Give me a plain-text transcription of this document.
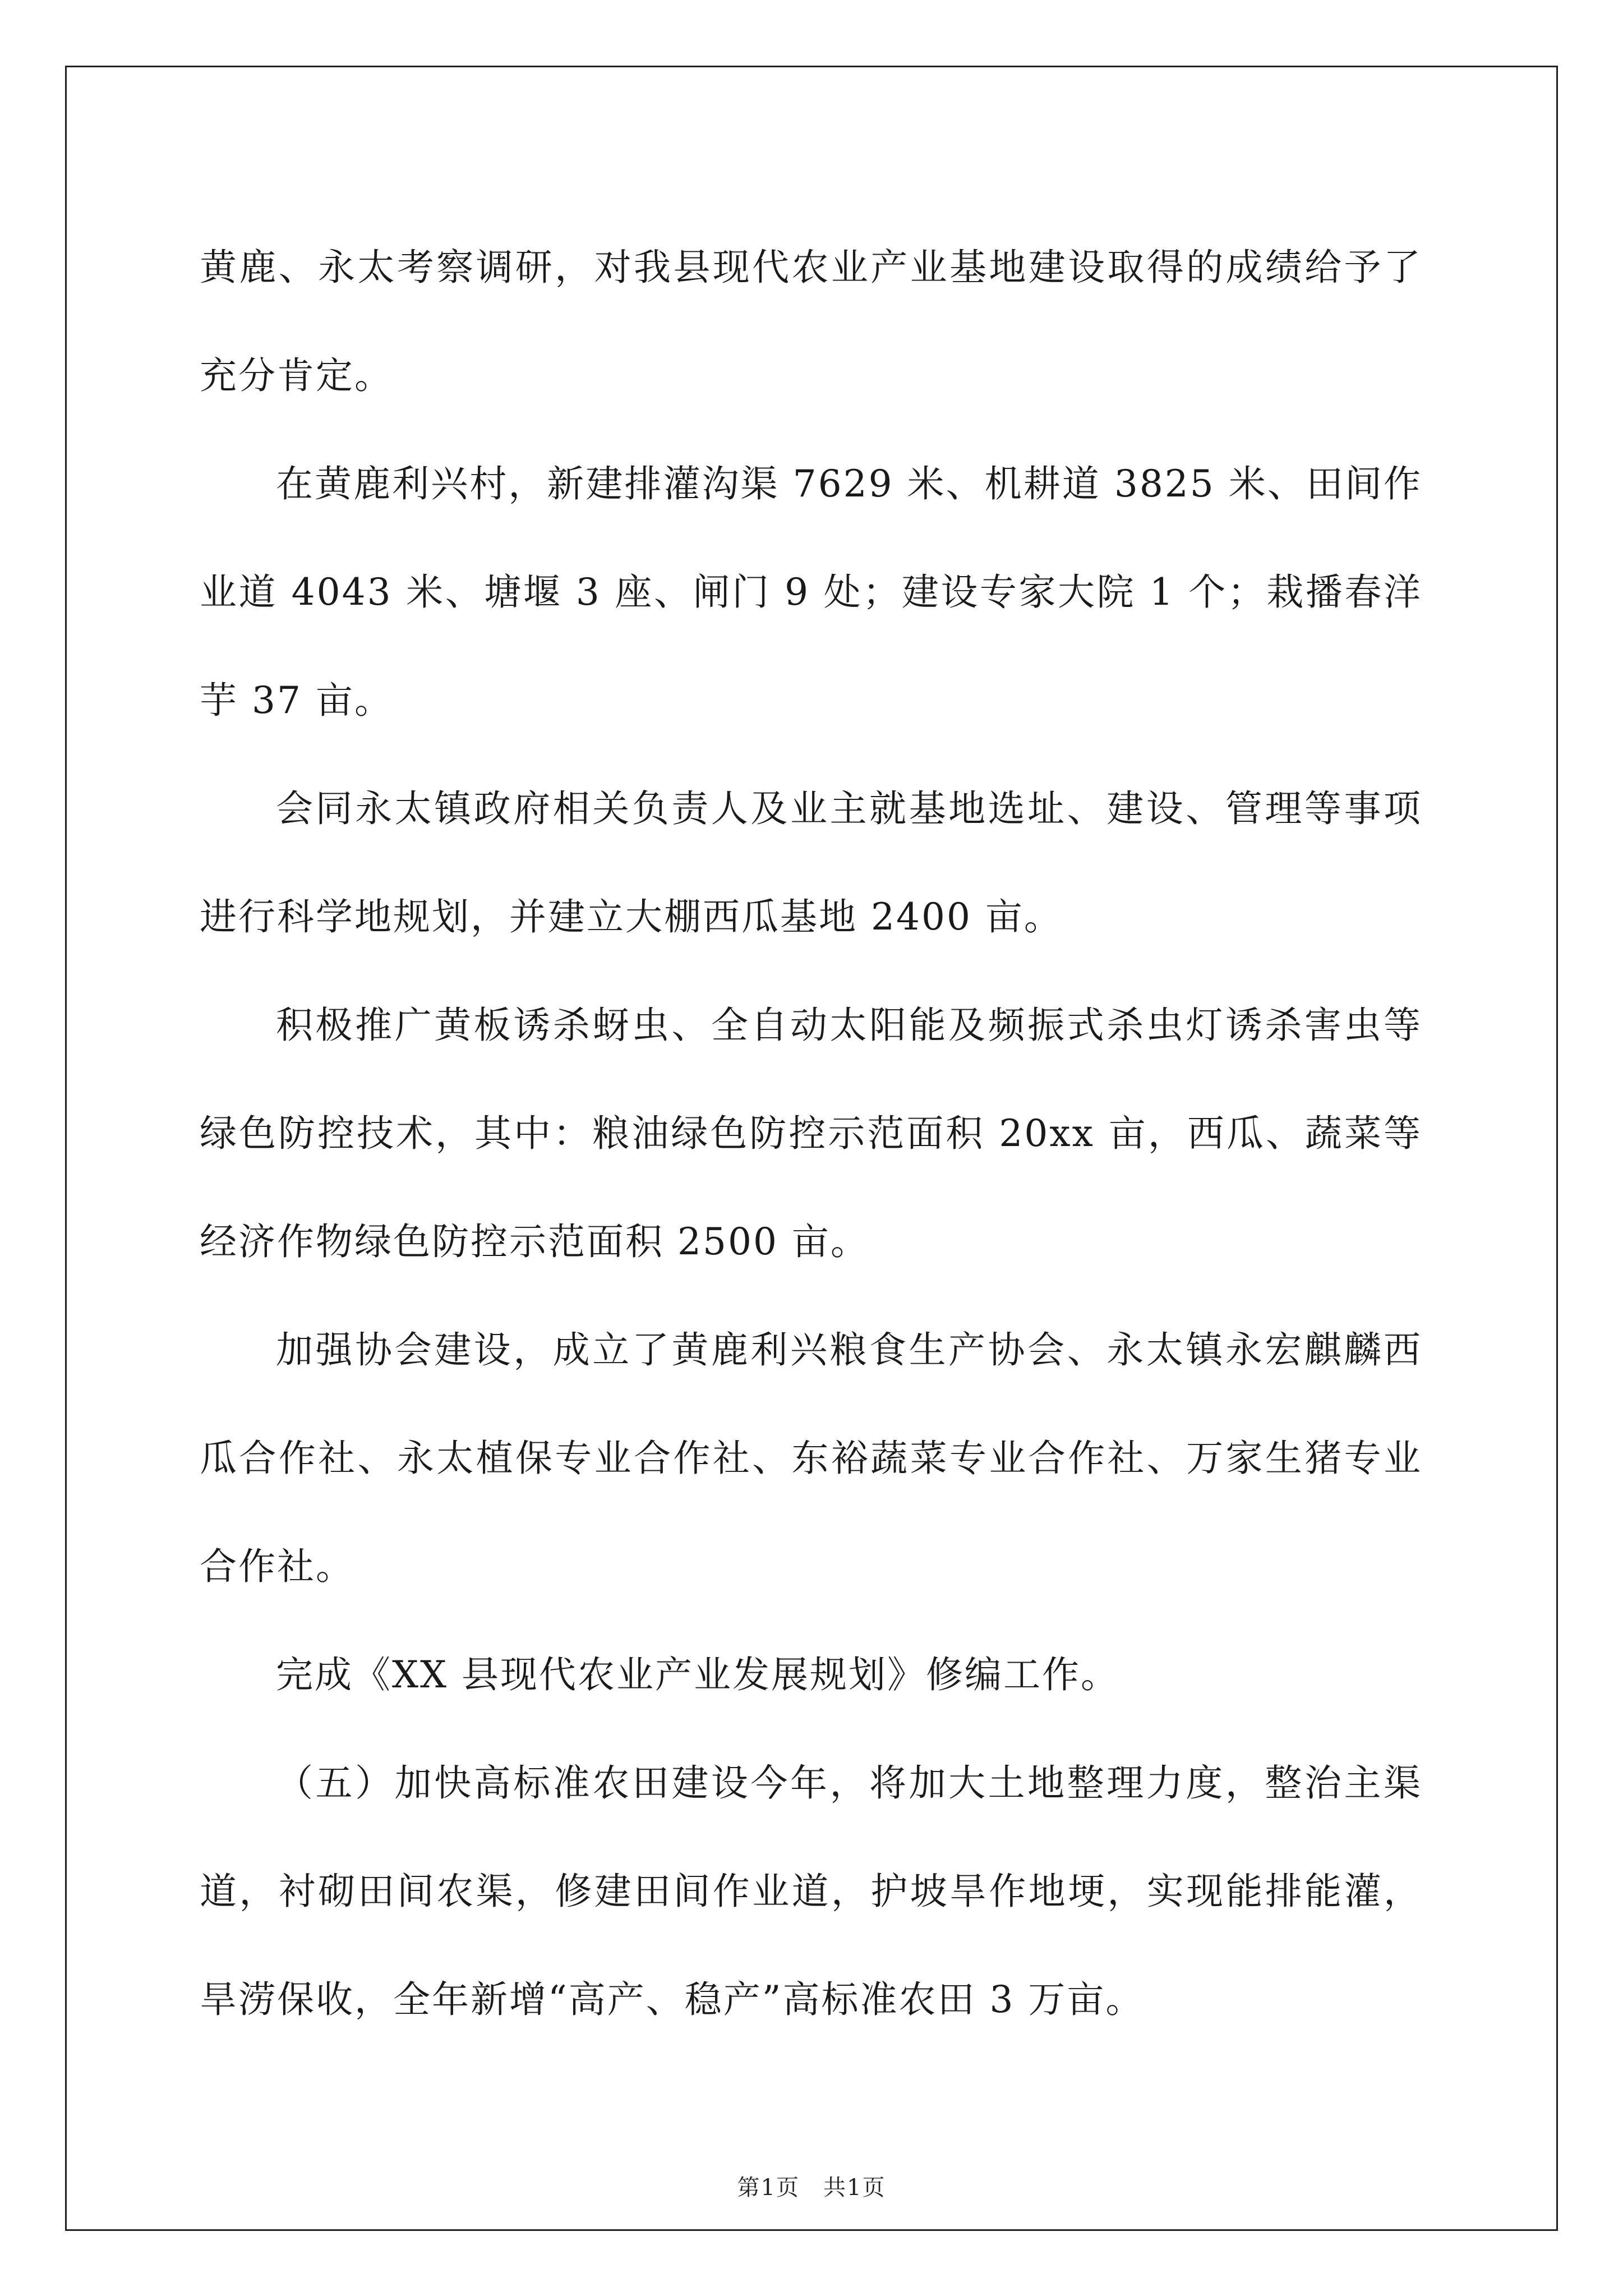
黄鹿、永太考察调研，对我县现代农业产业基地建设取得的成绩给予了充分肯定。

在黄鹿利兴村，新建排灌沟渠 7629 米、机耕道 3825 米、田间作业道 4043 米、塘堰 3 座、闸门 9 处；建设专家大院 1 个；栽播春洋芋 37 亩。

会同永太镇政府相关负责人及业主就基地选址、建设、管理等事项进行科学地规划，并建立大棚西瓜基地 2400 亩。

积极推广黄板诱杀蚜虫、全自动太阳能及频振式杀虫灯诱杀害虫等绿色防控技术，其中：粮油绿色防控示范面积 20xx 亩，西瓜、蔬菜等经济作物绿色防控示范面积 2500 亩。

加强协会建设，成立了黄鹿利兴粮食生产协会、永太镇永宏麒麟西瓜合作社、永太植保专业合作社、东裕蔬菜专业合作社、万家生猪专业合作社。

完成《XX 县现代农业产业发展规划》修编工作。

（五）加快高标准农田建设今年，将加大土地整理力度，整治主渠道，衬砌田间农渠，修建田间作业道，护坡旱作地埂，实现能排能灌，旱涝保收，全年新增“高产、稳产”高标准农田 3 万亩。

第1页　共1页
